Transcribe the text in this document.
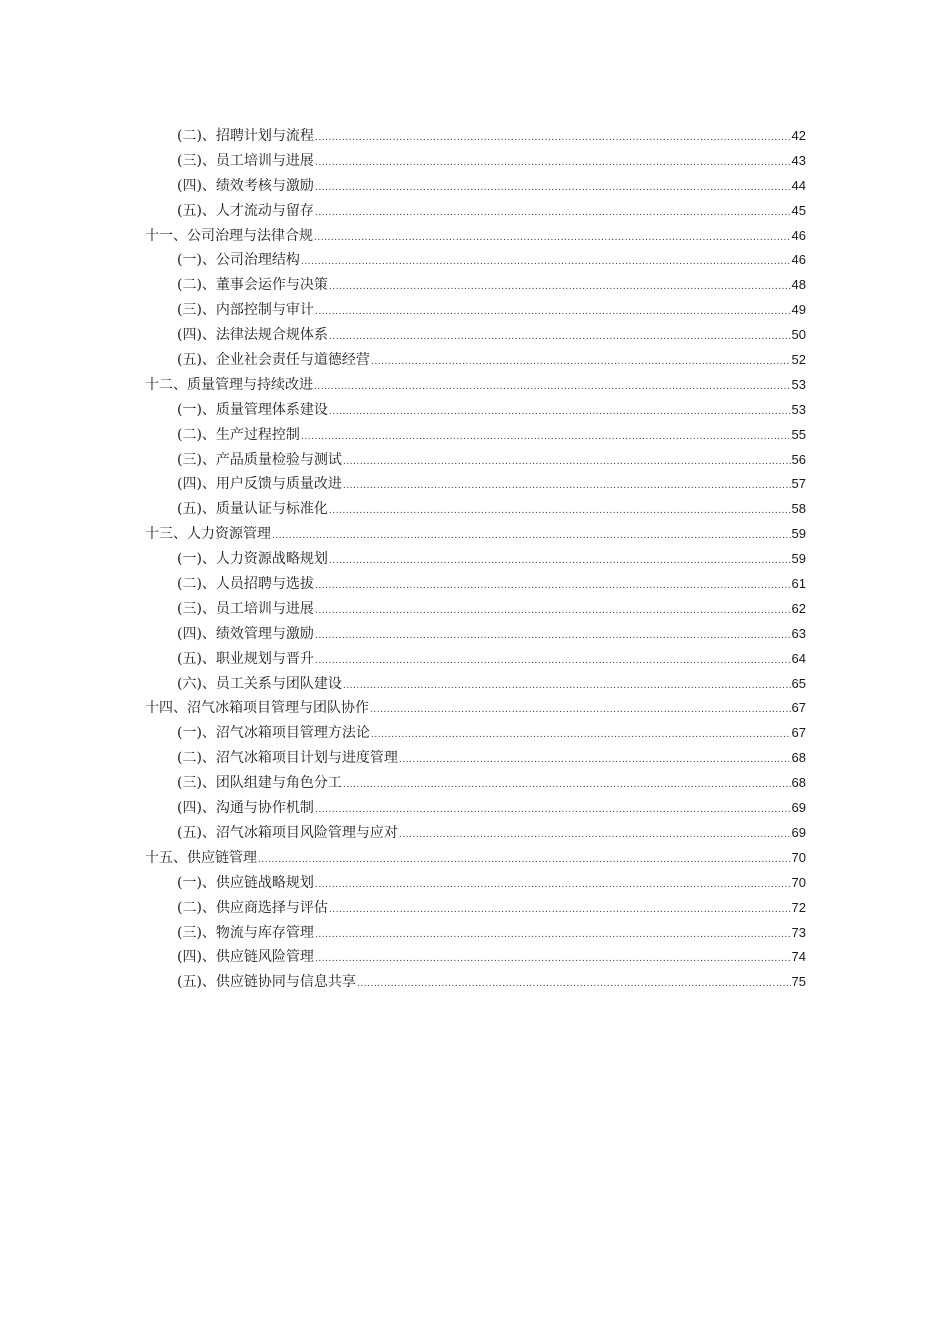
(二)、招聘计划与流程 .....	42
(三)、员工培训与进展 .....	43
(四)、绩效考核与激励 .....	44
(五)、人才流动与留存 .....	45
十一、公司治理与法律合规 .....	46
(一)、公司治理结构 .....	46
(二)、董事会运作与决策 .....	48
(三)、内部控制与审计 .....	49
(四)、法律法规合规体系 .....	50
(五)、企业社会责任与道德经营 .....	52
十二、质量管理与持续改进 .....	53
(一)、质量管理体系建设 .....	53
(二)、生产过程控制 .....	55
(三)、产品质量检验与测试 .....	56
(四)、用户反馈与质量改进 .....	57
(五)、质量认证与标准化 .....	58
十三、人力资源管理 .....	59
(一)、人力资源战略规划 .....	59
(二)、人员招聘与选拔 .....	61
(三)、员工培训与进展 .....	62
(四)、绩效管理与激励 .....	63
(五)、职业规划与晋升 .....	64
(六)、员工关系与团队建设 .....	65
十四、沼气冰箱项目管理与团队协作 .....	67
(一)、沼气冰箱项目管理方法论 .....	67
(二)、沼气冰箱项目计划与进度管理 .....	68
(三)、团队组建与角色分工 .....	68
(四)、沟通与协作机制 .....	69
(五)、沼气冰箱项目风险管理与应对 .....	69
十五、供应链管理 .....	70
(一)、供应链战略规划 .....	70
(二)、供应商选择与评估 .....	72
(三)、物流与库存管理 .....	73
(四)、供应链风险管理 .....	74
(五)、供应链协同与信息共享 .....	75
